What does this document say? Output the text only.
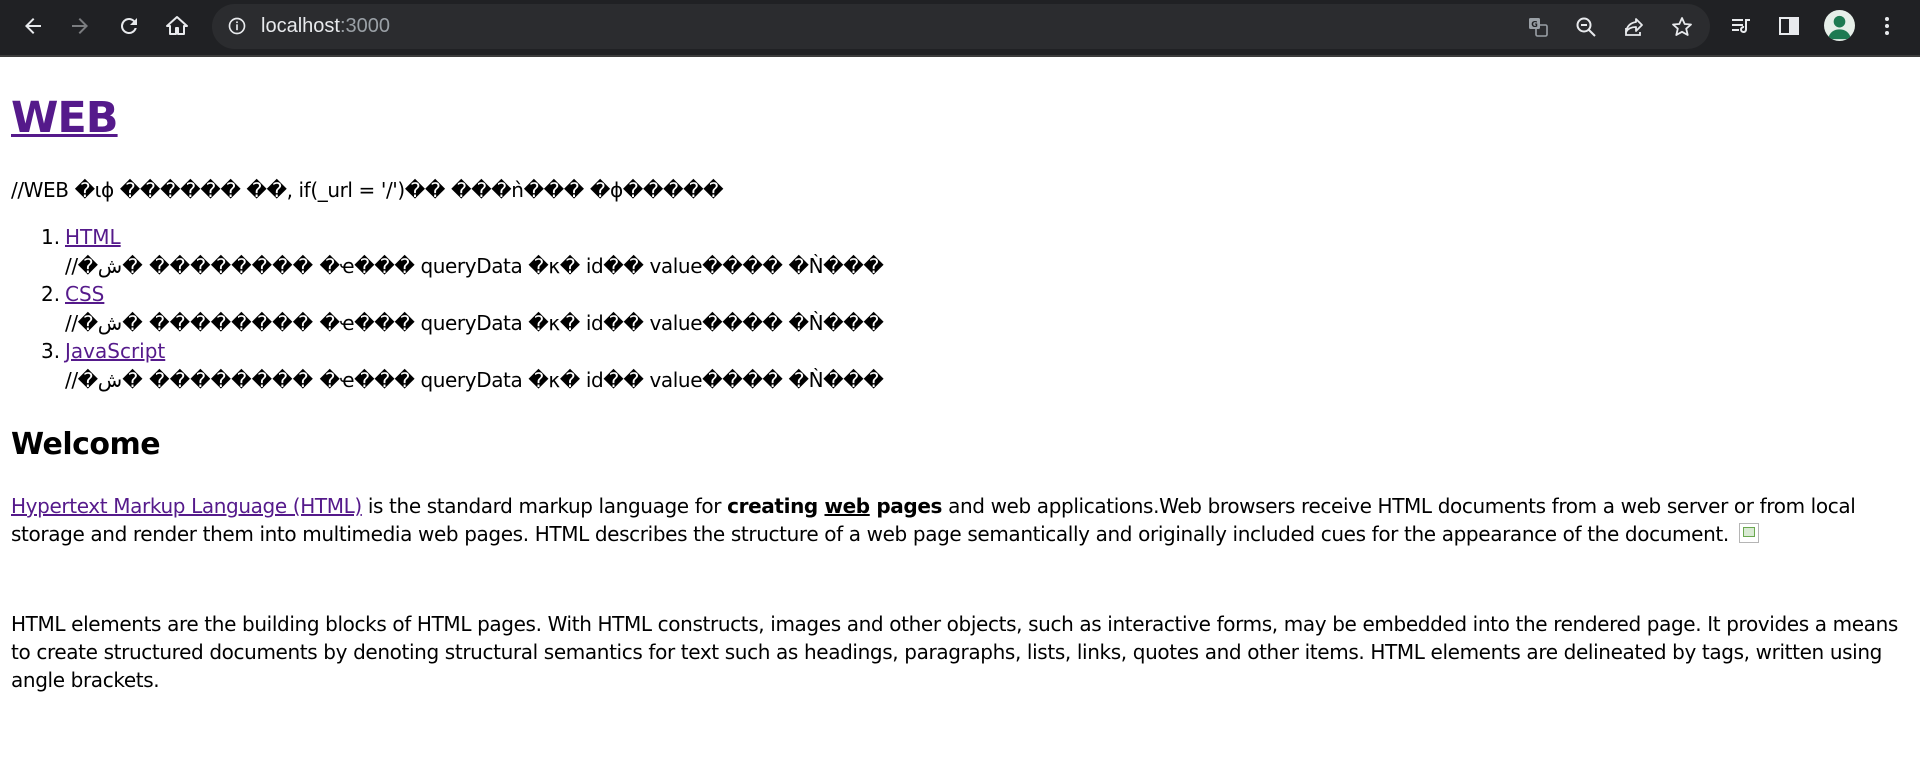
localhost:3000	G
WEB

//WEB �ιɸ ������ ��, if(_url = '/')�� ���ǹ��� �ɸ�����

1. HTML
//�ش� �������� �ҽ��� queryData �κ� id�� value���� �Ǹ���
2. CSS
//�ش� �������� �ҽ��� queryData �κ� id�� value���� �Ǹ���
3. JavaScript
//�ش� �������� �ҽ��� queryData �κ� id�� value���� �Ǹ���
Welcome

Hypertext Markup Language (HTML) is the standard markup language for creating web pages and web applications.Web browsers receive HTML documents from a web server or from local storage and render them into multimedia web pages. HTML describes the structure of a web page semantically and originally included cues for the appearance of the document.

HTML elements are the building blocks of HTML pages. With HTML constructs, images and other objects, such as interactive forms, may be embedded into the rendered page. It provides a means to create structured documents by denoting structural semantics for text such as headings, paragraphs, lists, links, quotes and other items. HTML elements are delineated by tags, written using angle brackets.
